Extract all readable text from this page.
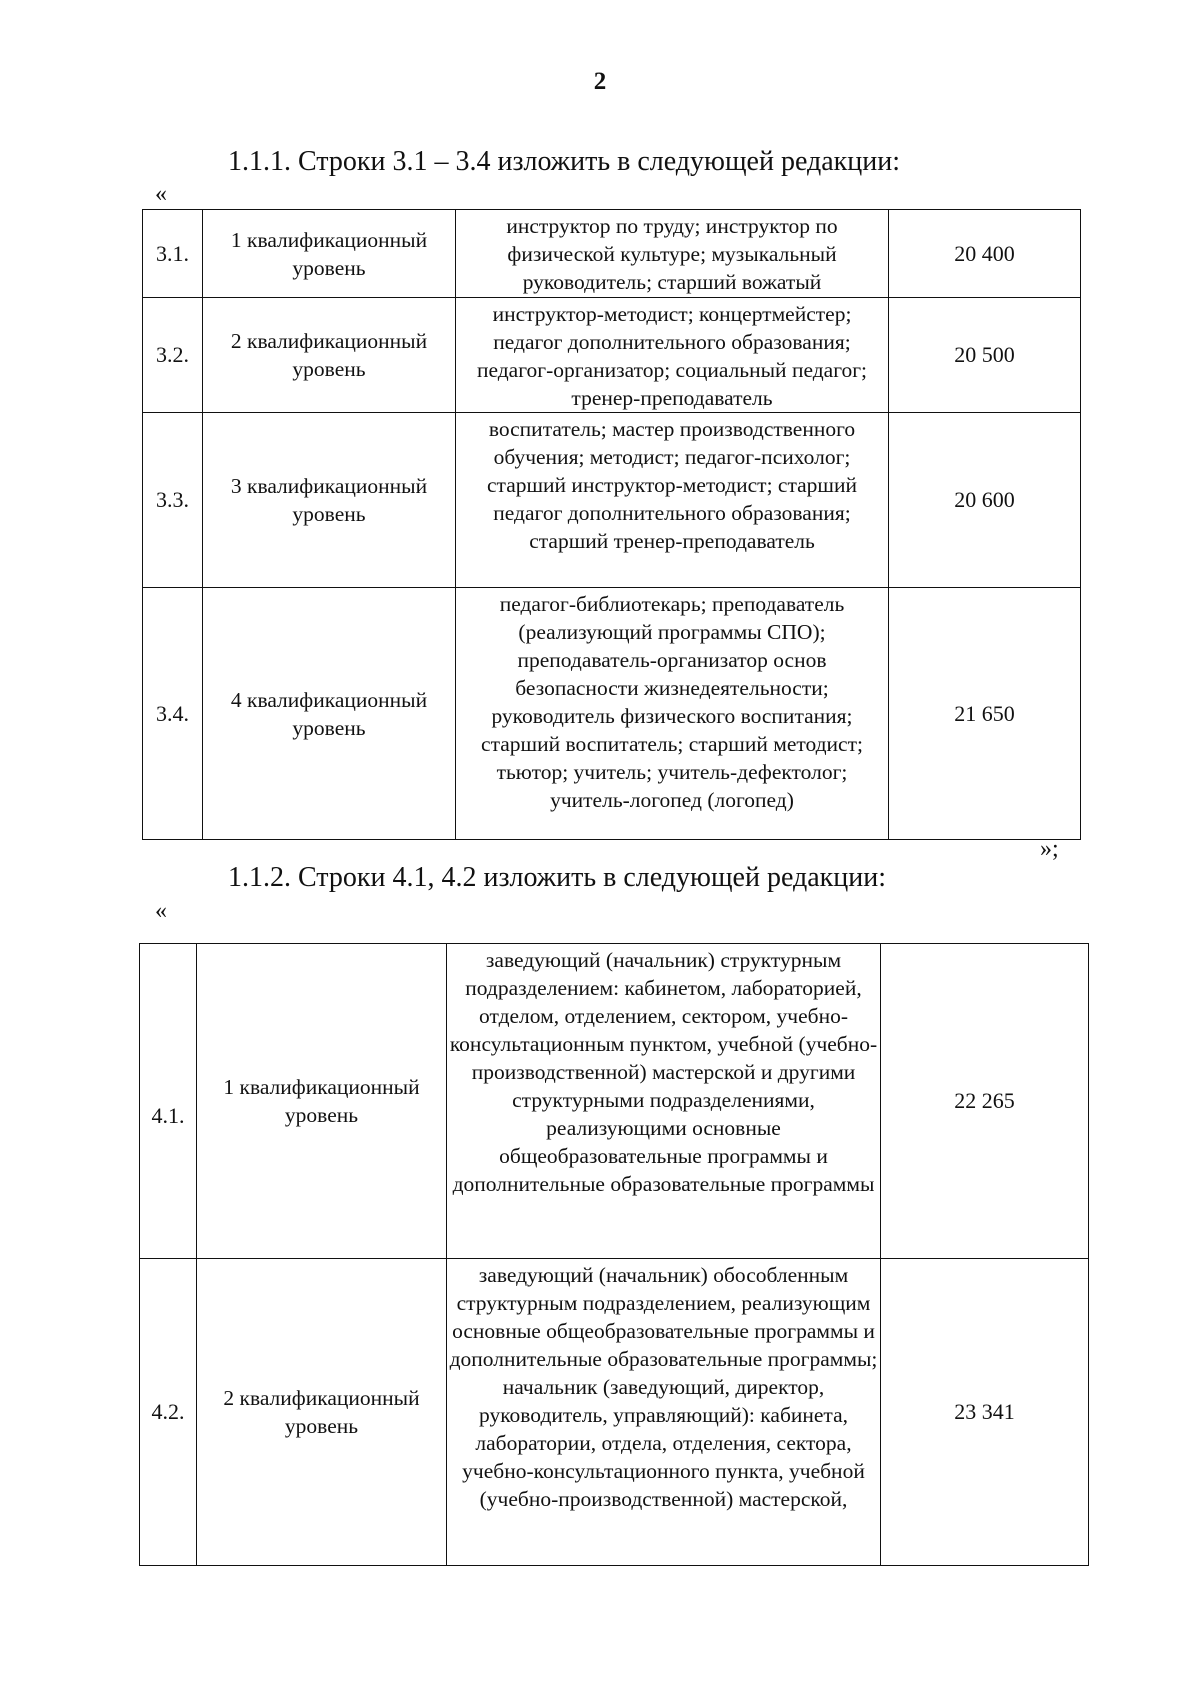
2
1.1.1. Строки 3.1 – 3.4 изложить в следующей редакции:
«
3.1.	1 квалификационный уровень	инструктор по труду; инструктор по физической культуре; музыкальный руководитель; старший вожатый	20 400
3.2.	2 квалификационный уровень	инструктор-методист; концертмейстер; педагог дополнительного образования; педагог-организатор; социальный педагог; тренер-преподаватель	20 500
3.3.	3 квалификационный уровень	воспитатель; мастер производственного обучения; методист; педагог-психолог; старший инструктор-методист; старший педагог дополнительного образования; старший тренер-преподаватель	20 600
3.4.	4 квалификационный уровень	педагог-библиотекарь; преподаватель (реализующий программы СПО); преподаватель-организатор основ безопасности жизнедеятельности; руководитель физического воспитания; старший воспитатель; старший методист; тьютор; учитель; учитель-дефектолог; учитель-логопед (логопед)	21 650
»;
1.1.2. Строки 4.1, 4.2 изложить в следующей редакции:
«
4.1.	1 квалификационный уровень	заведующий (начальник) структурным подразделением: кабинетом, лабораторией, отделом, отделением, сектором, учебно-консультационным пунктом, учебной (учебно-производственной) мастерской и другими структурными подразделениями, реализующими основные общеобразовательные программы и дополнительные образовательные программы	22 265
4.2.	2 квалификационный уровень	заведующий (начальник) обособленным структурным подразделением, реализующим основные общеобразовательные программы и дополнительные образовательные программы; начальник (заведующий, директор, руководитель, управляющий): кабинета, лаборатории, отдела, отделения, сектора, учебно-консультационного пункта, учебной (учебно-производственной) мастерской,	23 341
